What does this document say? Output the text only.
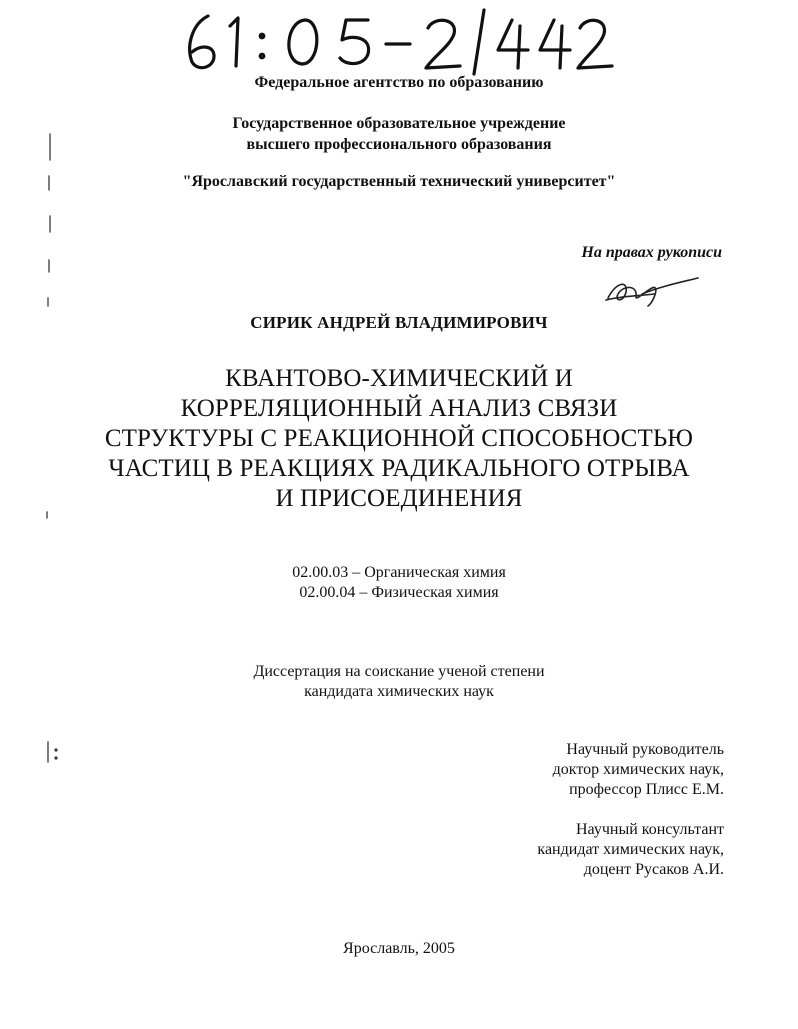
Федеральное агентство по образованию
Государственное образовательное учреждение
высшего профессионального образования
"Ярославский государственный технический университет"
На правах рукописи
СИРИК АНДРЕЙ ВЛАДИМИРОВИЧ
КВАНТОВО-ХИМИЧЕСКИЙ И
КОРРЕЛЯЦИОННЫЙ АНАЛИЗ СВЯЗИ
СТРУКТУРЫ С РЕАКЦИОННОЙ СПОСОБНОСТЬЮ
ЧАСТИЦ В РЕАКЦИЯХ РАДИКАЛЬНОГО ОТРЫВА
И ПРИСОЕДИНЕНИЯ
02.00.03 – Органическая химия
02.00.04 – Физическая химия
Диссертация на соискание ученой степени
кандидата химических наук
Научный руководитель
доктор химических наук,
профессор Плисс Е.М.
Научный консультант
кандидат химических наук,
доцент Русаков А.И.
Ярославль, 2005
